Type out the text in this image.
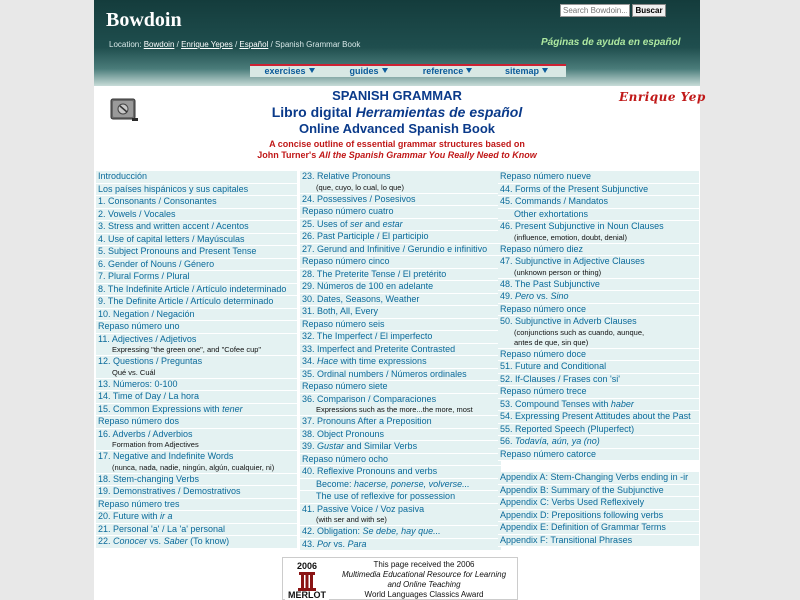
Bowdoin
Search Bowdoin...	Buscar
Location: Bowdoin / Enrique Yepes / Español / Spanish Grammar Book	Páginas de ayuda en español
exercises	guides	reference	sitemap
SPANISH GRAMMAR
Libro digital Herramientas de español
Online Advanced Spanish Book
A concise outline of essential grammar structures based on
John Turner's All the Spanish Grammar You Really Need to Know
Enrique Yep
Introducción
Los países hispánicos y sus capitales
1. Consonants / Consonantes
2. Vowels / Vocales
3. Stress and written accent / Acentos
4. Use of capital letters / Mayúsculas
5. Subject Pronouns and Present Tense
6. Gender of Nouns / Género
7. Plural Forms / Plural
8. The Indefinite Article / Artículo indeterminado
9. The Definite Article / Artículo determinado
10. Negation / Negación
Repaso número uno
11. Adjectives / Adjetivos
Expressing "the green one", and "Cofee cup"
12. Questions / Preguntas
Qué vs. Cuál
13. Números: 0-100
14. Time of Day / La hora
15. Common Expressions with tener
Repaso número dos
16. Adverbs / Adverbios
Formation from Adjectives
17. Negative and Indefinite Words
(nunca, nada, nadie, ningún, algún, cualquier, ni)
18. Stem-changing Verbs
19. Demonstratives / Demostrativos
Repaso número tres
20. Future with ir a
21. Personal 'a' / La 'a' personal
22. Conocer vs. Saber (To know)
23. Relative Pronouns
(que, cuyo, lo cual, lo que)
24. Possessives / Posesivos
Repaso número cuatro
25. Uses of ser and estar
26. Past Participle / El participio
27. Gerund and Infinitive / Gerundio e infinitivo
Repaso número cinco
28. The Preterite Tense / El pretérito
29. Números de 100 en adelante
30. Dates, Seasons, Weather
31. Both, All, Every
Repaso número seis
32. The Imperfect / El imperfecto
33. Imperfect and Preterite Contrasted
34. Hace with time expressions
35. Ordinal numbers / Números ordinales
Repaso número siete
36. Comparison / Comparaciones
Expressions such as the more...the more, most
37. Pronouns After a Preposition
38. Object Pronouns
39. Gustar and Similar Verbs
Repaso número ocho
40. Reflexive Pronouns and verbs
Become: hacerse, ponerse, volverse...
The use of reflexive for possession
41. Passive Voice / Voz pasiva
(with ser and with se)
42. Obligation: Se debe, hay que...
43. Por vs. Para
Repaso número nueve
44. Forms of the Present Subjunctive
45. Commands / Mandatos
Other exhortations
46. Present Subjunctive in Noun Clauses
(influence, emotion, doubt, denial)
Repaso número diez
47. Subjunctive in Adjective Clauses
(unknown person or thing)
48. The Past Subjunctive
49. Pero vs. Sino
Repaso número once
50. Subjunctive in Adverb Clauses
(conjunctions such as cuando, aunque,
antes de que, sin que)
Repaso número doce
51. Future and Conditional
52. If-Clauses / Frases con 'si'
Repaso número trece
53. Compound Tenses with haber
54. Expressing Present Attitudes about the Past
55. Reported Speech (Pluperfect)
56. Todavía, aún, ya (no)
Repaso número catorce
Appendix A: Stem-Changing Verbs ending in -ir
Appendix B: Summary of the Subjunctive
Appendix C: Verbs Used Reflexively
Appendix D: Prepositions following verbs
Appendix E: Definition of Grammar Terms
Appendix F: Transitional Phrases
2006
MERLOT
This page received the 2006
Multimedia Educational Resource for Learning
and Online Teaching
World Languages Classics Award
